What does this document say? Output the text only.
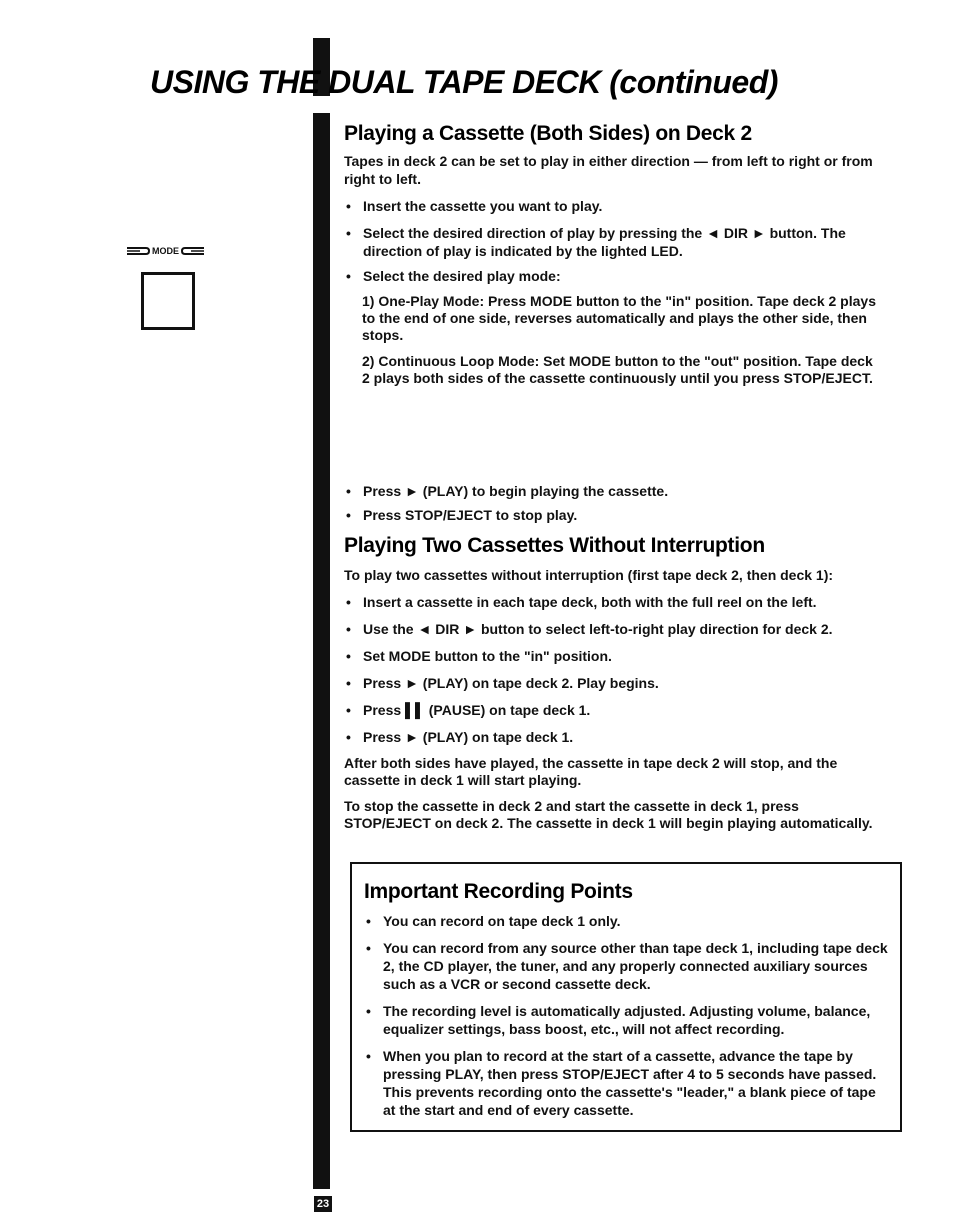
USING THE DUAL TAPE DECK (continued)
MODE
Playing a Cassette (Both Sides) on Deck 2

Tapes in deck 2 can be set to play in either direction — from left to right or from right to left.

• Insert the cassette you want to play.
• Select the desired direction of play by pressing the ◄ DIR ► button. The direction of play is indicated by the lighted LED.
• Select the desired play mode:

1) One-Play Mode: Press MODE button to the "in" position. Tape deck 2 plays to the end of one side, reverses automatically and plays the other side, then stops.

2) Continuous Loop Mode: Set MODE button to the "out" position. Tape deck 2 plays both sides of the cassette continuously until you press STOP/EJECT.

• Press ► (PLAY) to begin playing the cassette.
• Press STOP/EJECT to stop play.
Playing Two Cassettes Without Interruption

To play two cassettes without interruption (first tape deck 2, then deck 1):

• Insert a cassette in each tape deck, both with the full reel on the left.
• Use the ◄ DIR ► button to select left-to-right play direction for deck 2.
• Set MODE button to the "in" position.
• Press ► (PLAY) on tape deck 2. Play begins.
• Press ▌▌ (PAUSE) on tape deck 1.
• Press ► (PLAY) on tape deck 1.

After both sides have played, the cassette in tape deck 2 will stop, and the cassette in deck 1 will start playing.

To stop the cassette in deck 2 and start the cassette in deck 1, press STOP/EJECT on deck 2. The cassette in deck 1 will begin playing automatically.

Important Recording Points
• You can record on tape deck 1 only.
• You can record from any source other than tape deck 1, including tape deck 2, the CD player, the tuner, and any properly connected auxiliary sources such as a VCR or second cassette deck.
• The recording level is automatically adjusted. Adjusting volume, balance, equalizer settings, bass boost, etc., will not affect recording.
• When you plan to record at the start of a cassette, advance the tape by pressing PLAY, then press STOP/EJECT after 4 to 5 seconds have passed. This prevents recording onto the cassette's "leader," a blank piece of tape at the start and end of every cassette.
23
